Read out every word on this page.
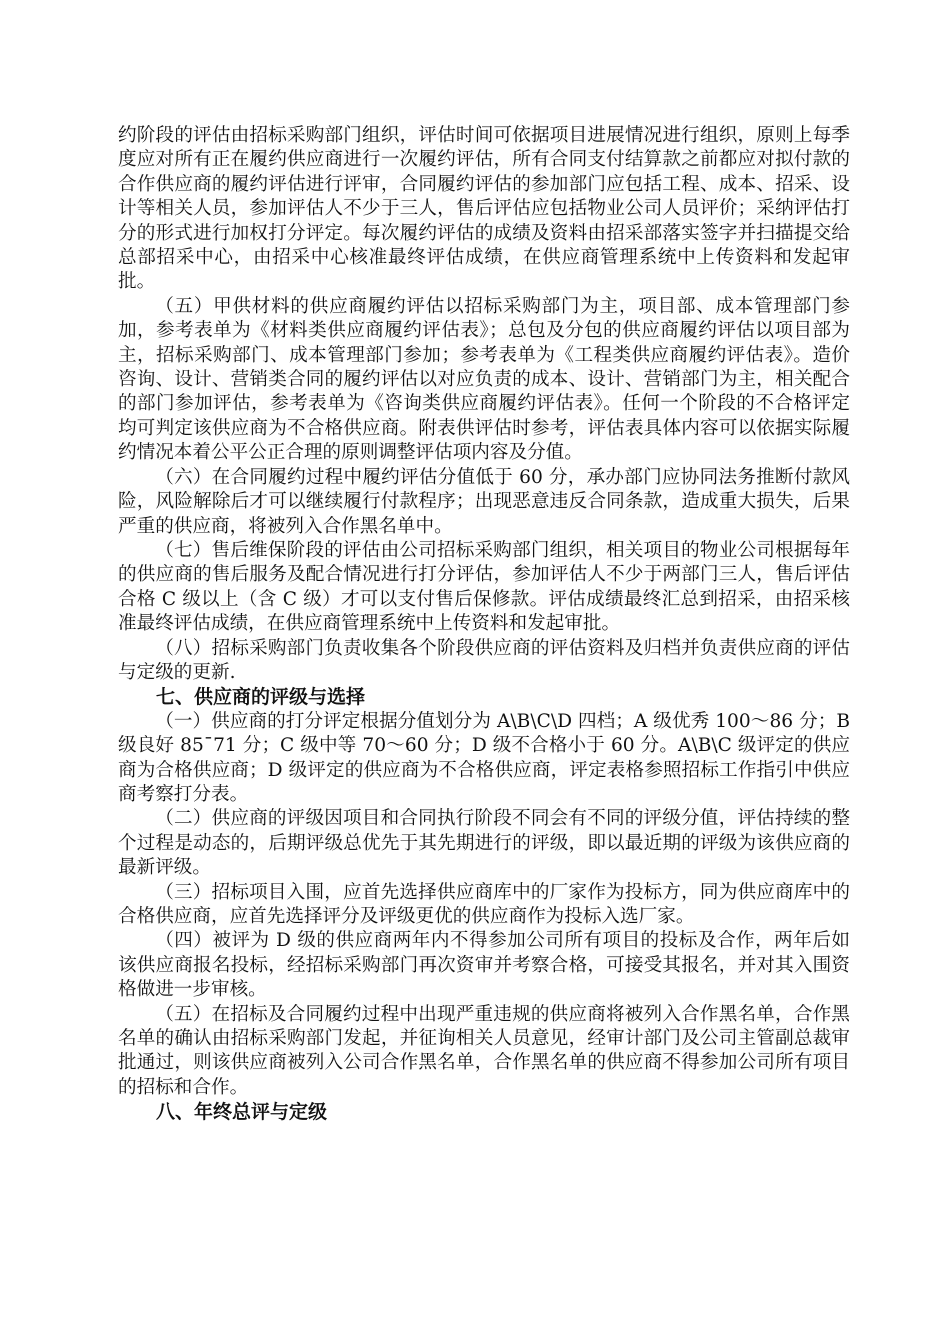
约阶段的评估由招标采购部门组织，评估时间可依据项目进展情况进行组织，原则上每季度应对所有正在履约供应商进行一次履约评估，所有合同支付结算款之前都应对拟付款的合作供应商的履约评估进行评审，合同履约评估的参加部门应包括工程、成本、招采、设计等相关人员，参加评估人不少于三人，售后评估应包括物业公司人员评价；采纳评估打分的形式进行加权打分评定。每次履约评估的成绩及资料由招采部落实签字并扫描提交给总部招采中心，由招采中心核准最终评估成绩，在供应商管理系统中上传资料和发起审批。

（五）甲供材料的供应商履约评估以招标采购部门为主，项目部、成本管理部门参加，参考表单为《材料类供应商履约评估表》；总包及分包的供应商履约评估以项目部为主，招标采购部门、成本管理部门参加；参考表单为《工程类供应商履约评估表》。造价咨询、设计、营销类合同的履约评估以对应负责的成本、设计、营销部门为主，相关配合的部门参加评估，参考表单为《咨询类供应商履约评估表》。任何一个阶段的不合格评定均可判定该供应商为不合格供应商。附表供评估时参考，评估表具体内容可以依据实际履约情况本着公平公正合理的原则调整评估项内容及分值。

（六）在合同履约过程中履约评估分值低于 60 分，承办部门应协同法务推断付款风险，风险解除后才可以继续履行付款程序；出现恶意违反合同条款，造成重大损失，后果严重的供应商，将被列入合作黑名单中。

（七）售后维保阶段的评估由公司招标采购部门组织，相关项目的物业公司根据每年的供应商的售后服务及配合情况进行打分评估，参加评估人不少于两部门三人，售后评估合格 C 级以上（含 C 级）才可以支付售后保修款。评估成绩最终汇总到招采，由招采核准最终评估成绩，在供应商管理系统中上传资料和发起审批。

（八）招标采购部门负责收集各个阶段供应商的评估资料及归档并负责供应商的评估与定级的更新.

七、供应商的评级与选择

（一）供应商的打分评定根据分值划分为 A\B\C\D 四档；A 级优秀 100～86 分；B 级良好 85¯71 分；C 级中等 70～60 分；D 级不合格小于 60 分。A\B\C 级评定的供应商为合格供应商；D 级评定的供应商为不合格供应商，评定表格参照招标工作指引中供应商考察打分表。

（二）供应商的评级因项目和合同执行阶段不同会有不同的评级分值，评估持续的整个过程是动态的，后期评级总优先于其先期进行的评级，即以最近期的评级为该供应商的最新评级。

（三）招标项目入围，应首先选择供应商库中的厂家作为投标方，同为供应商库中的合格供应商，应首先选择评分及评级更优的供应商作为投标入选厂家。

（四）被评为 D 级的供应商两年内不得参加公司所有项目的投标及合作，两年后如该供应商报名投标，经招标采购部门再次资审并考察合格，可接受其报名，并对其入围资格做进一步审核。

（五）在招标及合同履约过程中出现严重违规的供应商将被列入合作黑名单，合作黑名单的确认由招标采购部门发起，并征询相关人员意见，经审计部门及公司主管副总裁审批通过，则该供应商被列入公司合作黑名单，合作黑名单的供应商不得参加公司所有项目的招标和合作。

八、年终总评与定级
